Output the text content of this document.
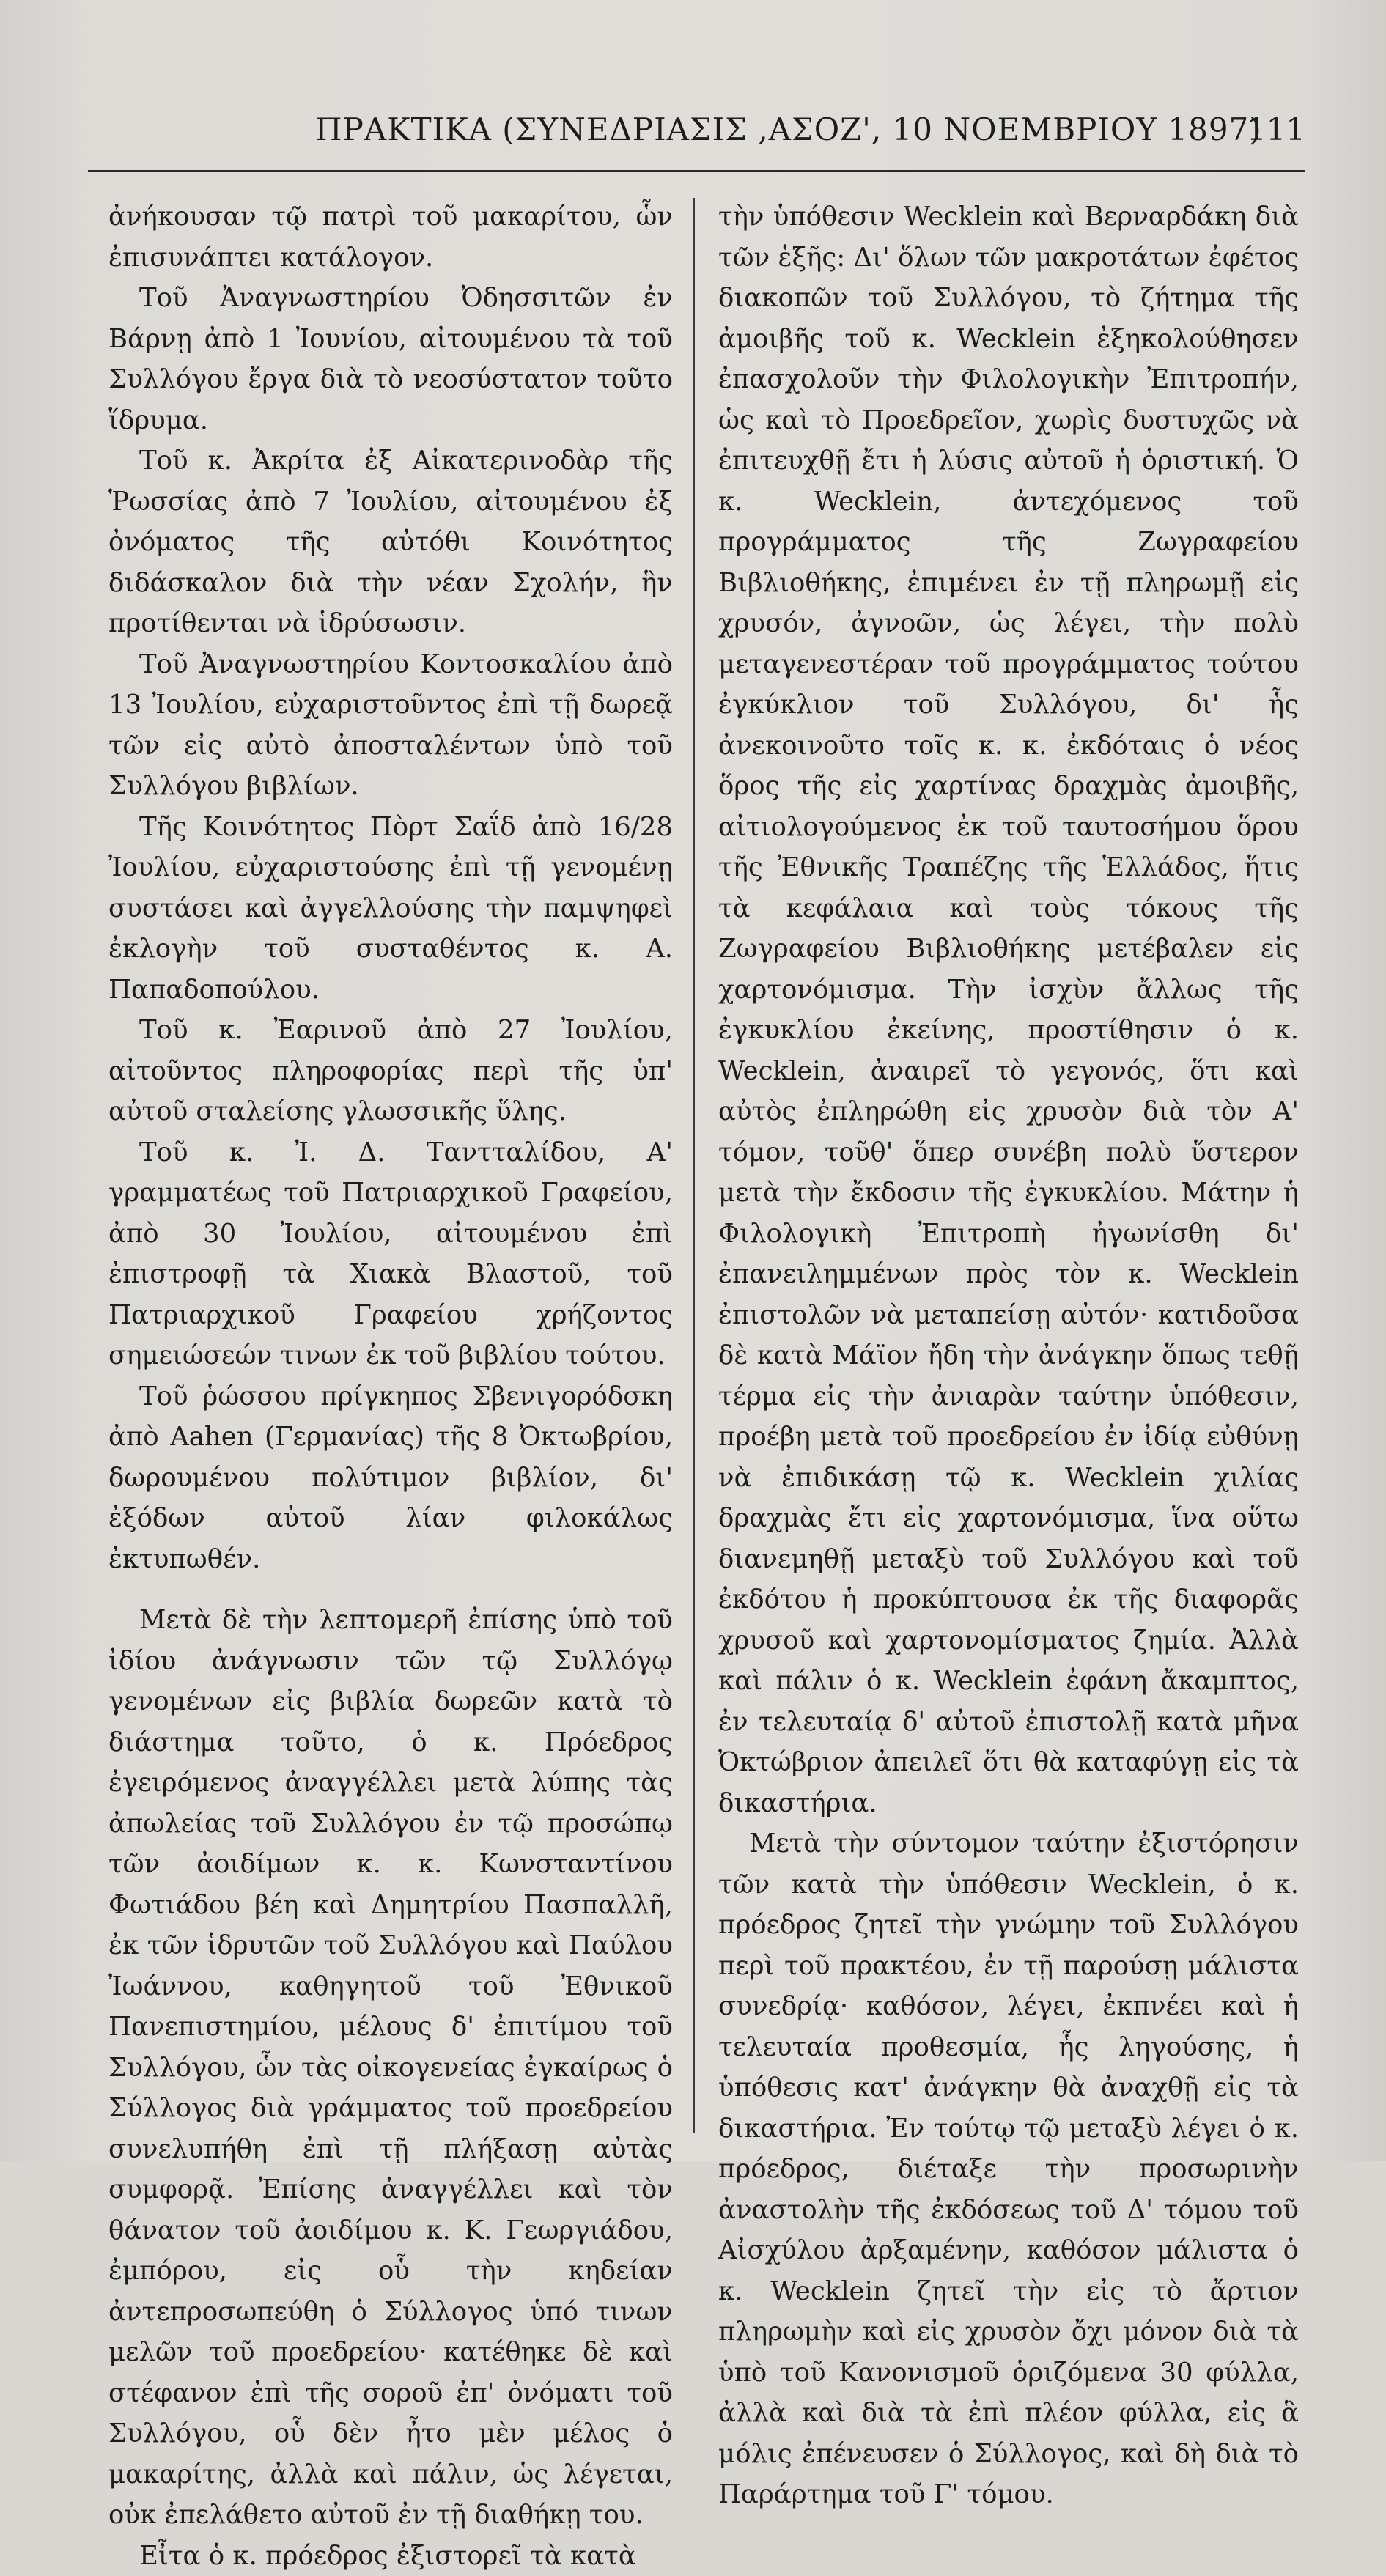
ΠΡΑΚΤΙΚΑ (ΣΥΝΕΔΡΙΑΣΙΣ ,ΑΣΟΖ', 10 ΝΟΕΜΒΡΙΟΥ 1897)
111

ἀνήκουσαν τῷ πατρὶ τοῦ μακαρίτου, ὧν ἐπισυνάπτει κατάλογον.

Τοῦ Ἀναγνωστηρίου Ὀδησσιτῶν ἐν Βάρνῃ ἀπὸ 1 Ἰουνίου, αἰτουμένου τὰ τοῦ Συλλόγου ἔργα διὰ τὸ νεοσύστατον τοῦτο ἵδρυμα.

Τοῦ κ. Ἀκρίτα ἐξ Αἰκατερινοδὰρ τῆς Ῥωσσίας ἀπὸ 7 Ἰουλίου, αἰτουμένου ἐξ ὀνόματος τῆς αὐτόθι Κοινότητος διδάσκαλον διὰ τὴν νέαν Σχολήν, ἣν προτίθενται νὰ ἱδρύσωσιν.

Τοῦ Ἀναγνωστηρίου Κοντοσκαλίου ἀπὸ 13 Ἰουλίου, εὐχαριστοῦντος ἐπὶ τῇ δωρεᾷ τῶν εἰς αὐτὸ ἀποσταλέντων ὑπὸ τοῦ Συλλόγου βιβλίων.

Τῆς Κοινότητος Πὸρτ Σαΐδ ἀπὸ 16/28 Ἰουλίου, εὐχαριστούσης ἐπὶ τῇ γενομένῃ συστάσει καὶ ἀγγελλούσης τὴν παμψηφεὶ ἐκλογὴν τοῦ συσταθέντος κ. Α. Παπαδοπούλου.

Τοῦ κ. Ἐαρινοῦ ἀπὸ 27 Ἰουλίου, αἰτοῦντος πληροφορίας περὶ τῆς ὑπ' αὐτοῦ σταλείσης γλωσσικῆς ὕλης.

Τοῦ κ. Ἰ. Δ. Ταντταλίδου, Α' γραμματέως τοῦ Πατριαρχικοῦ Γραφείου, ἀπὸ 30 Ἰουλίου, αἰτουμένου ἐπὶ ἐπιστροφῇ τὰ Χιακὰ Βλαστοῦ, τοῦ Πατριαρχικοῦ Γραφείου χρήζοντος σημειώσεών τινων ἐκ τοῦ βιβλίου τούτου.

Τοῦ ῥώσσου πρίγκηπος Σβενιγορόδσκη ἀπὸ Aahen (Γερμανίας) τῆς 8 Ὀκτωβρίου, δωρουμένου πολύτιμον βιβλίον, δι' ἐξόδων αὐτοῦ λίαν φιλοκάλως ἐκτυπωθέν.

Μετὰ δὲ τὴν λεπτομερῆ ἐπίσης ὑπὸ τοῦ ἰδίου ἀνάγνωσιν τῶν τῷ Συλλόγῳ γενομένων εἰς βιβλία δωρεῶν κατὰ τὸ διάστημα τοῦτο, ὁ κ. Πρόεδρος ἐγειρόμενος ἀναγγέλλει μετὰ λύπης τὰς ἀπωλείας τοῦ Συλλόγου ἐν τῷ προσώπῳ τῶν ἀοιδίμων κ. κ. Κωνσταντίνου Φωτιάδου βέη καὶ Δημητρίου Πασπαλλῆ, ἐκ τῶν ἱδρυτῶν τοῦ Συλλόγου καὶ Παύλου Ἰωάννου, καθηγητοῦ τοῦ Ἐθνικοῦ Πανεπιστημίου, μέλους δ' ἐπιτίμου τοῦ Συλλόγου, ὧν τὰς οἰκογενείας ἐγκαίρως ὁ Σύλλογος διὰ γράμματος τοῦ προεδρείου συνελυπήθη ἐπὶ τῇ πλήξασῃ αὐτὰς συμφορᾷ. Ἐπίσης ἀναγγέλλει καὶ τὸν θάνατον τοῦ ἀοιδίμου κ. Κ. Γεωργιάδου, ἐμπόρου, εἰς οὗ τὴν κηδείαν ἀντεπροσωπεύθη ὁ Σύλλογος ὑπό τινων μελῶν τοῦ προεδρείου· κατέθηκε δὲ καὶ στέφανον ἐπὶ τῆς σοροῦ ἐπ' ὀνόματι τοῦ Συλλόγου, οὗ δὲν ἦτο μὲν μέλος ὁ μακαρίτης, ἀλλὰ καὶ πάλιν, ὡς λέγεται, οὐκ ἐπελάθετο αὐτοῦ ἐν τῇ διαθήκῃ του.

Εἶτα ὁ κ. πρόεδρος ἐξιστορεῖ τὰ κατὰ

τὴν ὑπόθεσιν Wecklein καὶ Βερναρδάκη διὰ τῶν ἑξῆς: Δι' ὅλων τῶν μακροτάτων ἐφέτος διακοπῶν τοῦ Συλλόγου, τὸ ζήτημα τῆς ἀμοιβῆς τοῦ κ. Wecklein ἐξηκολούθησεν ἐπασχολοῦν τὴν Φιλολογικὴν Ἐπιτροπήν, ὡς καὶ τὸ Προεδρεῖον, χωρὶς δυστυχῶς νὰ ἐπιτευχθῇ ἔτι ἡ λύσις αὐτοῦ ἡ ὁριστική. Ὁ κ. Wecklein, ἀντεχόμενος τοῦ προγράμματος τῆς Ζωγραφείου Βιβλιοθήκης, ἐπιμένει ἐν τῇ πληρωμῇ εἰς χρυσόν, ἀγνοῶν, ὡς λέγει, τὴν πολὺ μεταγενεστέραν τοῦ προγράμματος τούτου ἐγκύκλιον τοῦ Συλλόγου, δι' ἧς ἀνεκοινοῦτο τοῖς κ. κ. ἐκδόταις ὁ νέος ὅρος τῆς εἰς χαρτίνας δραχμὰς ἀμοιβῆς, αἰτιολογούμενος ἐκ τοῦ ταυτοσήμου ὅρου τῆς Ἐθνικῆς Τραπέζης τῆς Ἑλλάδος, ἥτις τὰ κεφάλαια καὶ τοὺς τόκους τῆς Ζωγραφείου Βιβλιοθήκης μετέβαλεν εἰς χαρτονόμισμα. Τὴν ἰσχὺν ἄλλως τῆς ἐγκυκλίου ἐκείνης, προστίθησιν ὁ κ. Wecklein, ἀναιρεῖ τὸ γεγονός, ὅτι καὶ αὐτὸς ἐπληρώθη εἰς χρυσὸν διὰ τὸν Α' τόμον, τοῦθ' ὅπερ συνέβη πολὺ ὕστερον μετὰ τὴν ἔκδοσιν τῆς ἐγκυκλίου. Μάτην ἡ Φιλολογικὴ Ἐπιτροπὴ ἠγωνίσθη δι' ἐπανειλημμένων πρὸς τὸν κ. Wecklein ἐπιστολῶν νὰ μεταπείσῃ αὐτόν· κατιδοῦσα δὲ κατὰ Μάϊον ἤδη τὴν ἀνάγκην ὅπως τεθῇ τέρμα εἰς τὴν ἀνιαρὰν ταύτην ὑπόθεσιν, προέβη μετὰ τοῦ προεδρείου ἐν ἰδίᾳ εὐθύνῃ νὰ ἐπιδικάσῃ τῷ κ. Wecklein χιλίας δραχμὰς ἔτι εἰς χαρτονόμισμα, ἵνα οὕτω διανεμηθῇ μεταξὺ τοῦ Συλλόγου καὶ τοῦ ἐκδότου ἡ προκύπτουσα ἐκ τῆς διαφορᾶς χρυσοῦ καὶ χαρτονομίσματος ζημία. Ἀλλὰ καὶ πάλιν ὁ κ. Wecklein ἐφάνη ἄκαμπτος, ἐν τελευταίᾳ δ' αὐτοῦ ἐπιστολῇ κατὰ μῆνα Ὀκτώβριον ἀπειλεῖ ὅτι θὰ καταφύγῃ εἰς τὰ δικαστήρια.

Μετὰ τὴν σύντομον ταύτην ἐξιστόρησιν τῶν κατὰ τὴν ὑπόθεσιν Wecklein, ὁ κ. πρόεδρος ζητεῖ τὴν γνώμην τοῦ Συλλόγου περὶ τοῦ πρακτέου, ἐν τῇ παρούσῃ μάλιστα συνεδρίᾳ· καθόσον, λέγει, ἐκπνέει καὶ ἡ τελευταία προθεσμία, ἧς ληγούσης, ἡ ὑπόθεσις κατ' ἀνάγκην θὰ ἀναχθῇ εἰς τὰ δικαστήρια. Ἐν τούτῳ τῷ μεταξὺ λέγει ὁ κ. πρόεδρος, διέταξε τὴν προσωρινὴν ἀναστολὴν τῆς ἐκδόσεως τοῦ Δ' τόμου τοῦ Αἰσχύλου ἀρξαμένην, καθόσον μάλιστα ὁ κ. Wecklein ζητεῖ τὴν εἰς τὸ ἄρτιον πληρωμὴν καὶ εἰς χρυσὸν ὄχι μόνον διὰ τὰ ὑπὸ τοῦ Κανονισμοῦ ὁριζόμενα 30 φύλλα, ἀλλὰ καὶ διὰ τὰ ἐπὶ πλέον φύλλα, εἰς ἃ μόλις ἐπένευσεν ὁ Σύλλογος, καὶ δὴ διὰ τὸ Παράρτημα τοῦ Γ' τόμου.
